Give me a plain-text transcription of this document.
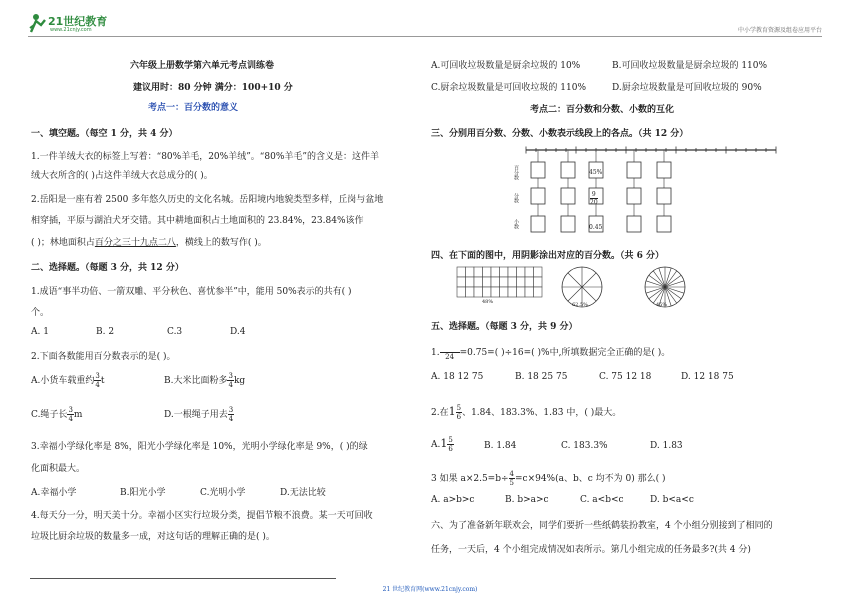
21世纪教育
www.21cnjy.com	中小学教育资源及组卷应用平台
六年级上册数学第六单元考点训练卷
建议用时：80 分钟 满分：100+10 分
考点一：百分数的意义
一、填空题。（每空 1 分，共 4 分）
1.一件羊绒大衣的标签上写着：“80%羊毛，20%羊绒”。“80%羊毛”的含义是：这件羊
绒大衣所含的( )占这件羊绒大衣总成分的( )。
2.岳阳是一座有着 2500 多年悠久历史的文化名城。岳阳境内地貌类型多样，丘岗与盆地
相穿插，平原与湖泊犬牙交错。其中耕地面积占土地面积的 23.84%，23.84%该作
( )；林地面积占百分之三十九点二八，横线上的数写作( )。
二、选择题。（每题 3 分，共 12 分）
1.成语“事半功倍、一箭双雕、平分秋色、喜忧参半”中，能用 50%表示的共有( )
个。
A. 1	B. 2	C.3	D.4
2.下面各数能用百分数表示的是( )。
A.小货车载重约 $\frac{3}{4}$ t	B.大米比面粉多 $\frac{3}{4}$ kg
C.绳子长 $\frac{3}{4}$ m	D.一根绳子用去 $\frac{3}{4}$
3.幸福小学绿化率是 8%，阳光小学绿化率是 10%，光明小学绿化率是 9%，( )的绿
化面积最大。
A.幸福小学	B.阳光小学	C.光明小学	D.无法比较
4.每天分一分，明天美十分。幸福小区实行垃圾分类，提倡节粮不浪费。某一天可回收
垃圾比厨余垃圾的数量多一成，对这句话的理解正确的是( )。
A.可回收垃圾数量是厨余垃圾的 10%	B.可回收垃圾数量是厨余垃圾的 110%
C.厨余垃圾数量是可回收垃圾的 110%	D.厨余垃圾数量是可回收垃圾的 90%
考点二：百分数和分数、小数的互化
三、分别用百分数、分数、小数表示线段上的各点。（共 12 分）
百分数
分数
小数
45%
$\frac{9}{20}$
0.45
四、在下面的图中，用阴影涂出对应的百分数。（共 6 分）
48%	62.5%	45%
五、选择题。（每题 3 分，共 9 分）
1.
24 =0.75=( )÷16=( )%中,所填数据完全正确的是( )。
A. 18 12 75	B. 18 25 75	C. 75 12 18	D. 12 18 75
2.在$1 \frac{5}{6}$ 、1.84、183.3%、1.83̇ 中，( )最大。
$A.1 \frac{5}{6}$	B. 1.84	C. 183.3%	D. 1.83̇
3 如果 $a\times 2.5=b\div \frac{4}{5} =c\times 94\%(a$、b、c 均不为 0) 那么( )
A. a>b>c	B. b>a>c	C. a<b<c	D. b<a<c
六、为了准备新年联欢会，同学们要折一些纸鹤装扮教室，4 个小组分别接到了相同的
任务，一天后，4 个小组完成情况如表所示。第几小组完成的任务最多?(共 4 分)
21 世纪教育网(www.21cnjy.com)
